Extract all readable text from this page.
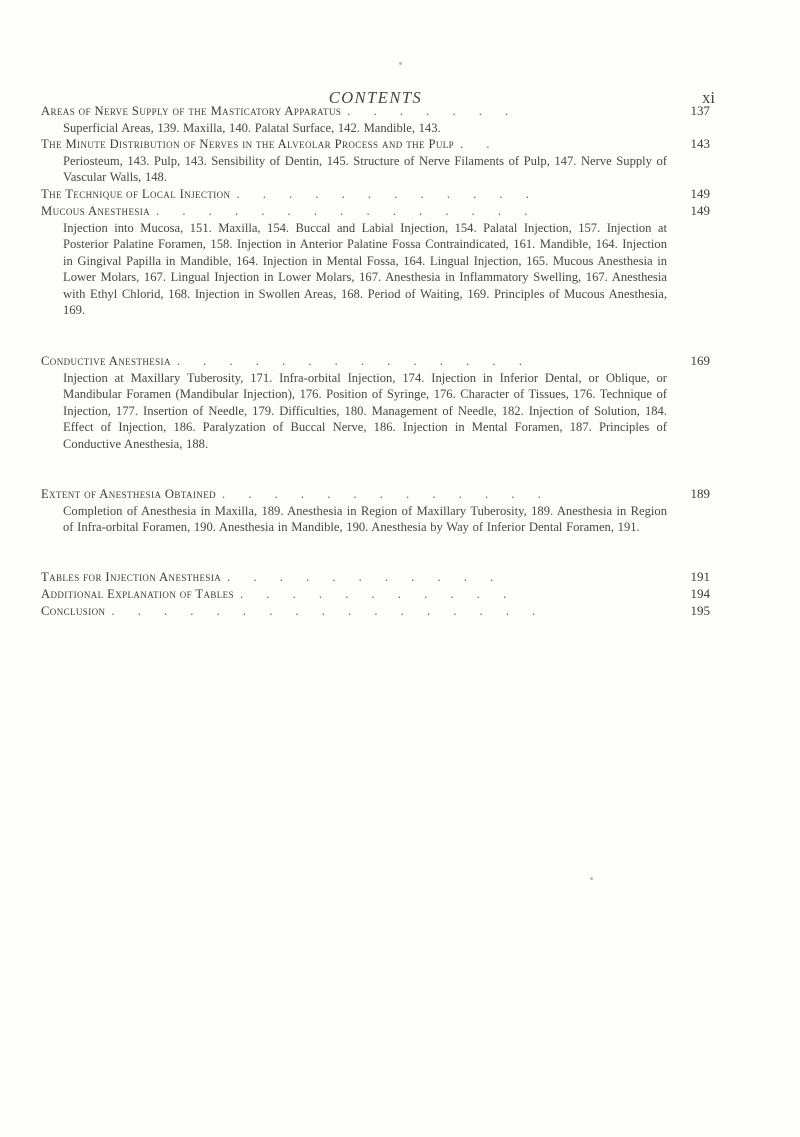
CONTENTS	xi
Areas of Nerve Supply of the Masticatory Apparatus . . . . . . .	137
Superficial Areas, 139. Maxilla, 140. Palatal Surface, 142. Mandible, 143.
The Minute Distribution of Nerves in the Alveolar Process and the Pulp . .	143
Periosteum, 143. Pulp, 143. Sensibility of Dentin, 145. Structure of Nerve Filaments of Pulp, 147. Nerve Supply of Vascular Walls, 148.
The Technique of Local Injection . . . . . . . . . . . .	149
Mucous Anesthesia . . . . . . . . . . . . . . .	149
Injection into Mucosa, 151. Maxilla, 154. Buccal and Labial Injection, 154. Palatal Injection, 157. Injection at Posterior Palatine Foramen, 158. Injection in Anterior Palatine Fossa Contraindicated, 161. Mandible, 164. Injection in Gingival Papilla in Mandible, 164. Injection in Mental Fossa, 164. Lingual Injection, 165. Mucous Anesthesia in Lower Molars, 167. Lingual Injection in Lower Molars, 167. Anesthesia in Inflammatory Swelling, 167. Anesthesia with Ethyl Chlorid, 168. Injection in Swollen Areas, 168. Period of Waiting, 169. Principles of Mucous Anesthesia, 169.
Conductive Anesthesia . . . . . . . . . . . . . .	169
Injection at Maxillary Tuberosity, 171. Infra-orbital Injection, 174. Injection in Inferior Dental, or Oblique, or Mandibular Foramen (Mandibular Injection), 176. Position of Syringe, 176. Character of Tissues, 176. Technique of Injection, 177. Insertion of Needle, 179. Difficulties, 180. Management of Needle, 182. Injection of Solution, 184. Effect of Injection, 186. Paralyzation of Buccal Nerve, 186. Injection in Mental Foramen, 187. Principles of Conductive Anesthesia, 188.
Extent of Anesthesia Obtained . . . . . . . . . . . . .	189
Completion of Anesthesia in Maxilla, 189. Anesthesia in Region of Maxillary Tuberosity, 189. Anesthesia in Region of Infra-orbital Foramen, 190. Anesthesia in Mandible, 190. Anesthesia by Way of Inferior Dental Foramen, 191.
Tables for Injection Anesthesia . . . . . . . . . . .	191
Additional Explanation of Tables . . . . . . . . . . .	194
Conclusion . . . . . . . . . . . . . . . . .	195
